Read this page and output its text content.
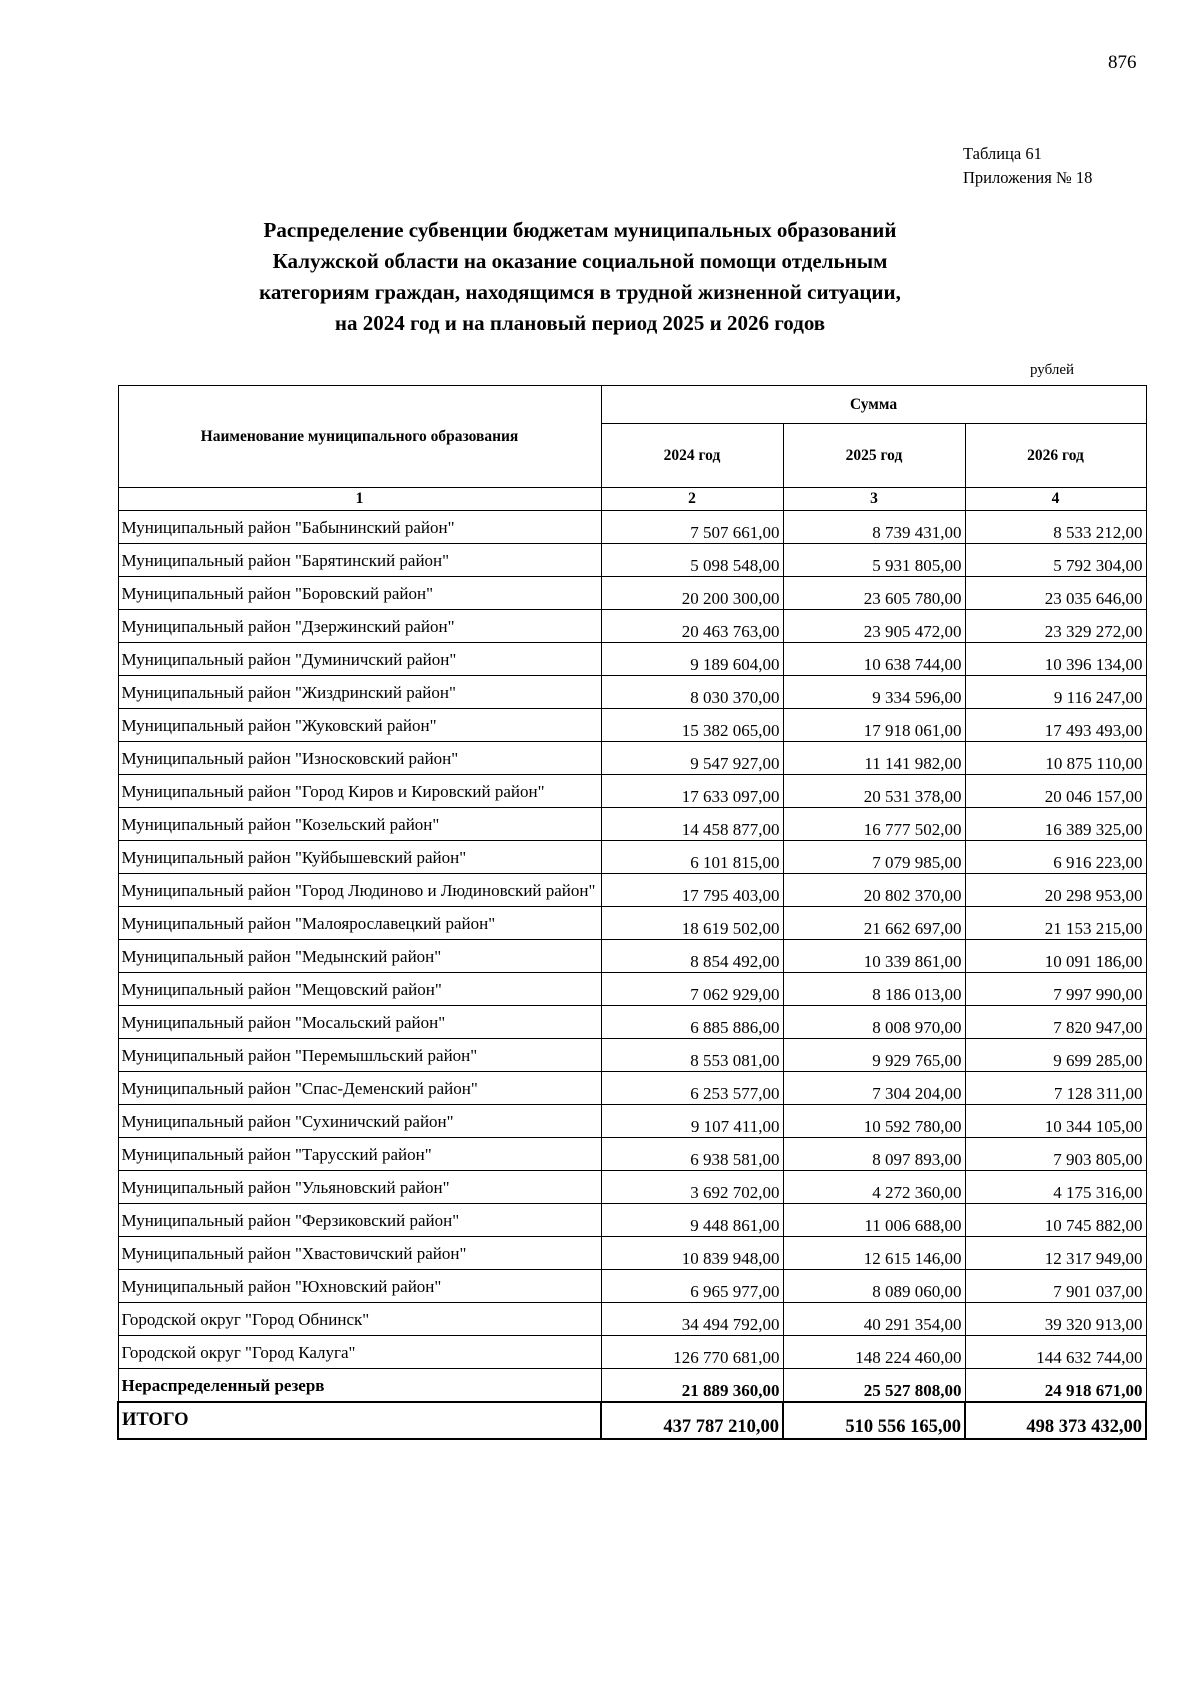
876
Таблица 61
Приложения № 18
Распределение субвенции бюджетам муниципальных образований
Калужской области на оказание социальной помощи отдельным
категориям граждан, находящимся в трудной жизненной ситуации,
на 2024 год и на плановый период 2025 и 2026 годов
рублей
Наименование муниципального образования	Сумма		
	2024 год	2025 год	2026 год
1	2	3	4
Муниципальный район "Бабынинский район"	7 507 661,00	8 739 431,00	8 533 212,00
Муниципальный район "Барятинский район"	5 098 548,00	5 931 805,00	5 792 304,00
Муниципальный район "Боровский район"	20 200 300,00	23 605 780,00	23 035 646,00
Муниципальный район "Дзержинский район"	20 463 763,00	23 905 472,00	23 329 272,00
Муниципальный район "Думиничский район"	9 189 604,00	10 638 744,00	10 396 134,00
Муниципальный район "Жиздринский район"	8 030 370,00	9 334 596,00	9 116 247,00
Муниципальный район "Жуковский район"	15 382 065,00	17 918 061,00	17 493 493,00
Муниципальный район "Износковский район"	9 547 927,00	11 141 982,00	10 875 110,00
Муниципальный район "Город Киров и Кировский район"	17 633 097,00	20 531 378,00	20 046 157,00
Муниципальный район "Козельский район"	14 458 877,00	16 777 502,00	16 389 325,00
Муниципальный район "Куйбышевский район"	6 101 815,00	7 079 985,00	6 916 223,00
Муниципальный район "Город Людиново и Людиновский район"	17 795 403,00	20 802 370,00	20 298 953,00
Муниципальный район "Малоярославецкий район"	18 619 502,00	21 662 697,00	21 153 215,00
Муниципальный район "Медынский район"	8 854 492,00	10 339 861,00	10 091 186,00
Муниципальный район "Мещовский район"	7 062 929,00	8 186 013,00	7 997 990,00
Муниципальный район "Мосальский район"	6 885 886,00	8 008 970,00	7 820 947,00
Муниципальный район "Перемышльский район"	8 553 081,00	9 929 765,00	9 699 285,00
Муниципальный район "Спас-Деменский район"	6 253 577,00	7 304 204,00	7 128 311,00
Муниципальный район "Сухиничский район"	9 107 411,00	10 592 780,00	10 344 105,00
Муниципальный район "Тарусский район"	6 938 581,00	8 097 893,00	7 903 805,00
Муниципальный район "Ульяновский район"	3 692 702,00	4 272 360,00	4 175 316,00
Муниципальный район "Ферзиковский район"	9 448 861,00	11 006 688,00	10 745 882,00
Муниципальный район "Хвастовичский район"	10 839 948,00	12 615 146,00	12 317 949,00
Муниципальный район "Юхновский район"	6 965 977,00	8 089 060,00	7 901 037,00
Городской округ "Город Обнинск"	34 494 792,00	40 291 354,00	39 320 913,00
Городской округ "Город Калуга"	126 770 681,00	148 224 460,00	144 632 744,00
Нераспределенный резерв	21 889 360,00	25 527 808,00	24 918 671,00
ИТОГО	437 787 210,00	510 556 165,00	498 373 432,00
